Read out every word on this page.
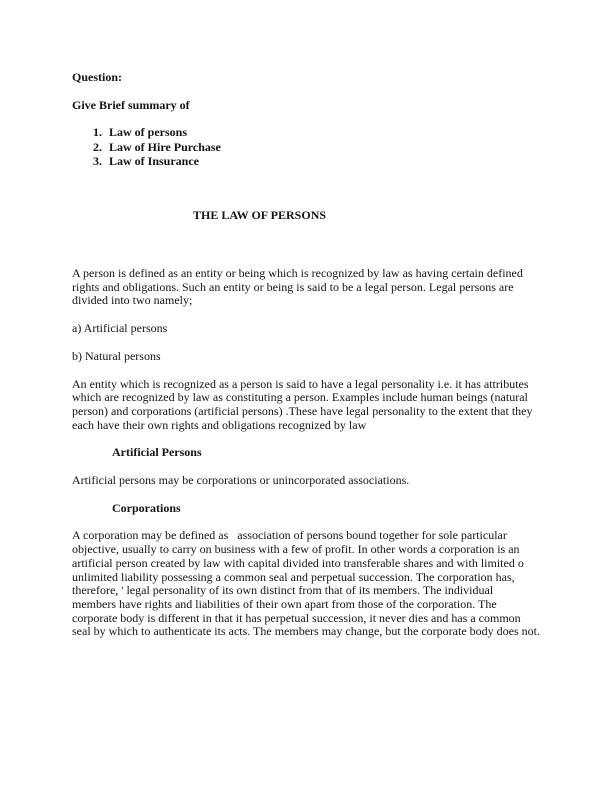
Question:

Give Brief summary of

1. Law of persons
2. Law of Hire Purchase
3. Law of Insurance

THE LAW OF PERSONS

A person is defined as an entity or being which is recognized by law as having certain defined rights and obligations. Such an entity or being is said to be a legal person. Legal persons are divided into two namely;

a) Artificial persons

b) Natural persons

An entity which is recognized as a person is said to have a legal personality i.e. it has attributes which are recognized by law as constituting a person. Examples include human beings (natural person) and corporations (artificial persons) .These have legal personality to the extent that they each have their own rights and obligations recognized by law

Artificial Persons

Artificial persons may be corporations or unincorporated associations.

Corporations

A corporation may be defined as   association of persons bound together for sole particular objective, usually to carry on business with a few of profit. In other words a corporation is an artificial person created by law with capital divided into transferable shares and with limited o unlimited liability possessing a common seal and perpetual succession. The corporation has, therefore, ' legal personality of its own distinct from that of its members. The individual members have rights and liabilities of their own apart from those of the corporation. The corporate body is different in that it has perpetual succession, it never dies and has a common seal by which to authenticate its acts. The members may change, but the corporate body does not.
